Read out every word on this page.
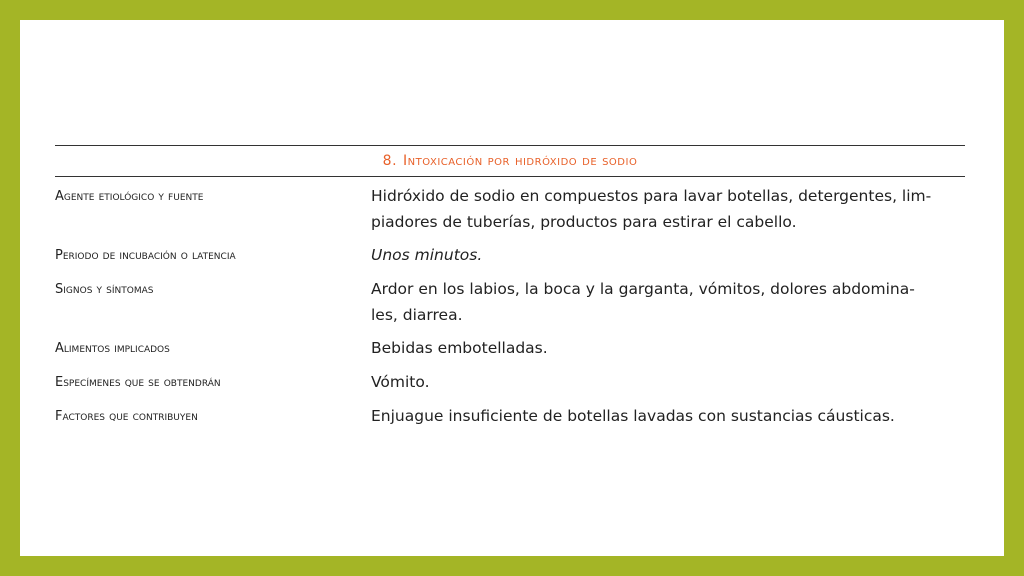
8. Intoxicación por hidróxido de sodio
Agente etiológico y fuente	Hidróxido de sodio en compuestos para lavar botellas, detergentes, lim-
piadores de tuberías, productos para estirar el cabello.
Periodo de incubación o latencia	Unos minutos.
Signos y síntomas	Ardor en los labios, la boca y la garganta, vómitos, dolores abdomina-
les, diarrea.
Alimentos implicados	Bebidas embotelladas.
Especímenes que se obtendrán	Vómito.
Factores que contribuyen	Enjuague insuficiente de botellas lavadas con sustancias cáusticas.
